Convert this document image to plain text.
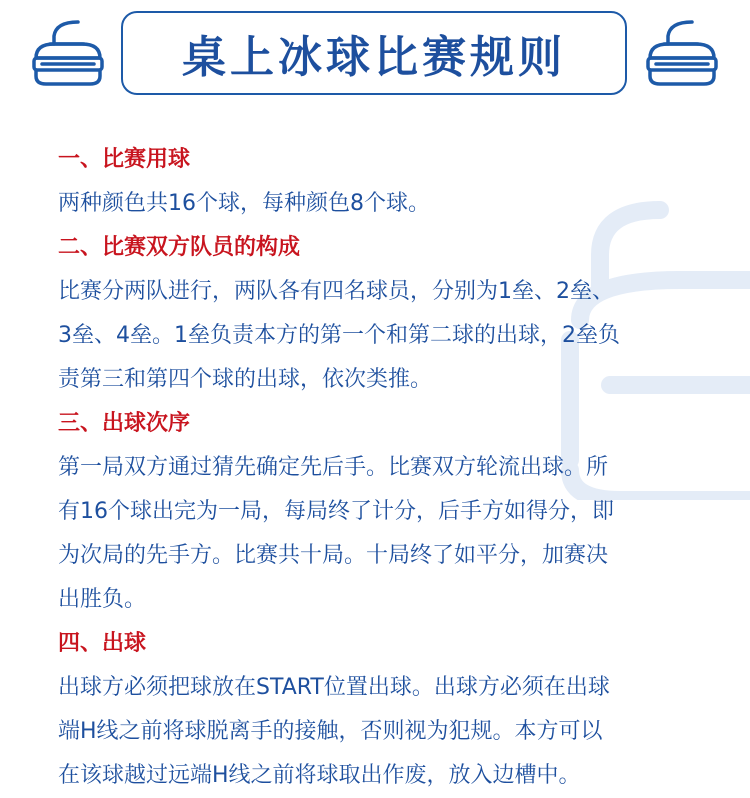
桌上冰球比赛规则
一、比赛用球

两种颜色共16个球，每种颜色8个球。

二、比赛双方队员的构成

比赛分两队进行，两队各有四名球员，分别为1垒、2垒、
3垒、4垒。1垒负责本方的第一个和第二球的出球，2垒负
责第三和第四个球的出球，依次类推。

三、出球次序

第一局双方通过猜先确定先后手。比赛双方轮流出球。所
有16个球出完为一局，每局终了计分，后手方如得分，即
为次局的先手方。比赛共十局。十局终了如平分，加赛决
出胜负。

四、出球

出球方必须把球放在START位置出球。出球方必须在出球
端H线之前将球脱离手的接触，否则视为犯规。本方可以
在该球越过远端H线之前将球取出作废，放入边槽中。
